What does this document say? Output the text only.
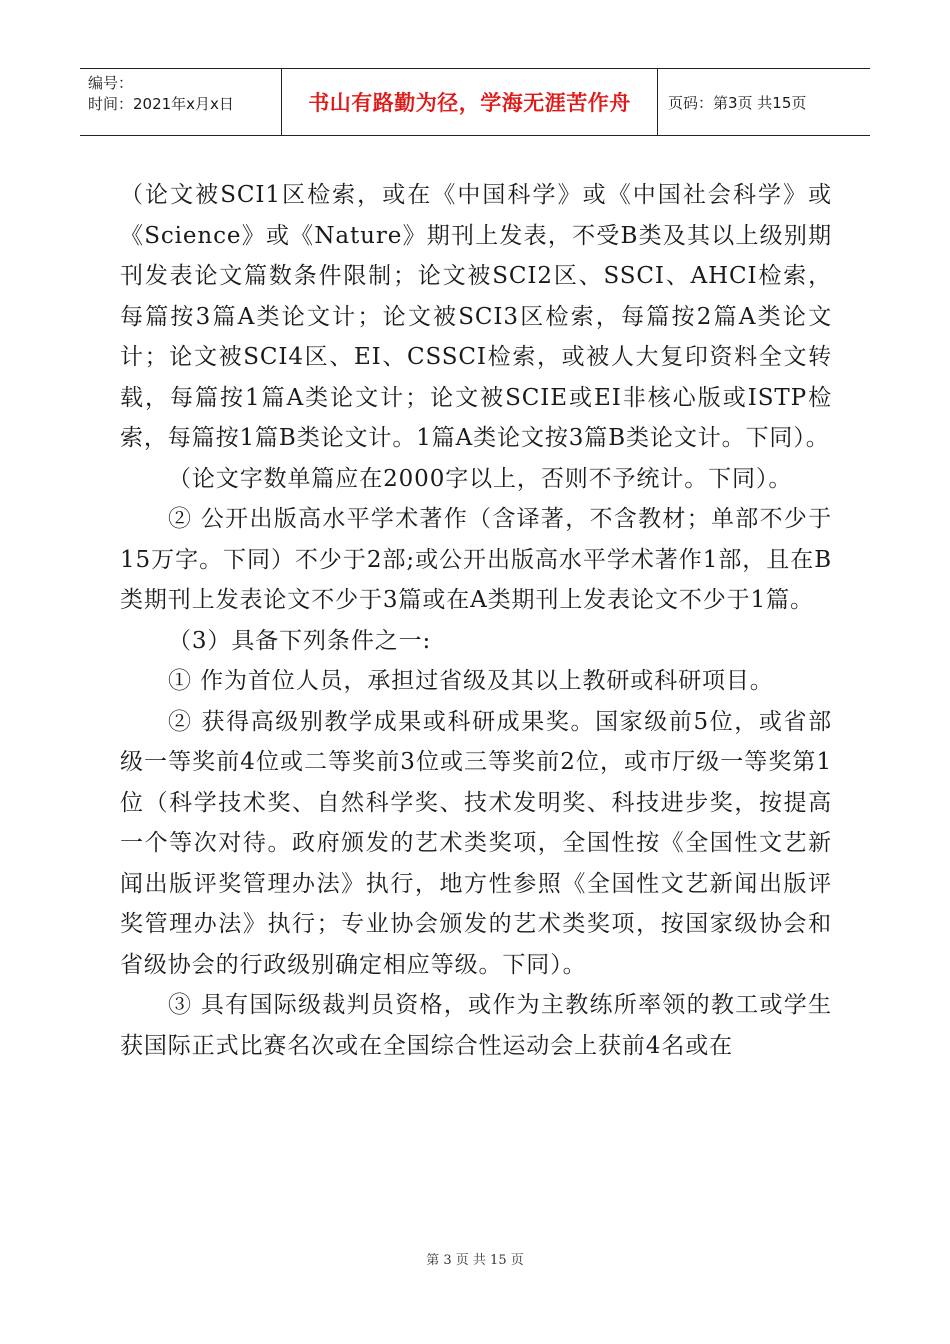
编号：
时间：2021年x月x日	书山有路勤为径，学海无涯苦作舟 页码：第3页 共15页

（论文被SCI1区检索，或在《中国科学》或《中国社会科学》或《Science》或《Nature》期刊上发表，不受B类及其以上级别期刊发表论文篇数条件限制；论文被SCI2区、SSCI、AHCI检索，每篇按3篇A类论文计；论文被SCI3区检索，每篇按2篇A类论文计；论文被SCI4区、EI、CSSCI检索，或被人大复印资料全文转载，每篇按1篇A类论文计；论文被SCIE或EI非核心版或ISTP检索，每篇按1篇B类论文计。1篇A类论文按3篇B类论文计。下同）。

（论文字数单篇应在2000字以上，否则不予统计。下同）。

② 公开出版高水平学术著作（含译著，不含教材；单部不少于15万字。下同）不少于2部;或公开出版高水平学术著作1部，且在B类期刊上发表论文不少于3篇或在A类期刊上发表论文不少于1篇。

（3）具备下列条件之一:

① 作为首位人员，承担过省级及其以上教研或科研项目。

② 获得高级别教学成果或科研成果奖。国家级前5位，或省部级一等奖前4位或二等奖前3位或三等奖前2位，或市厅级一等奖第1位（科学技术奖、自然科学奖、技术发明奖、科技进步奖，按提高一个等次对待。政府颁发的艺术类奖项，全国性按《全国性文艺新闻出版评奖管理办法》执行，地方性参照《全国性文艺新闻出版评奖管理办法》执行；专业协会颁发的艺术类奖项，按国家级协会和省级协会的行政级别确定相应等级。下同）。

③ 具有国际级裁判员资格，或作为主教练所率领的教工或学生获国际正式比赛名次或在全国综合性运动会上获前4名或在

第 3 页 共 15 页
